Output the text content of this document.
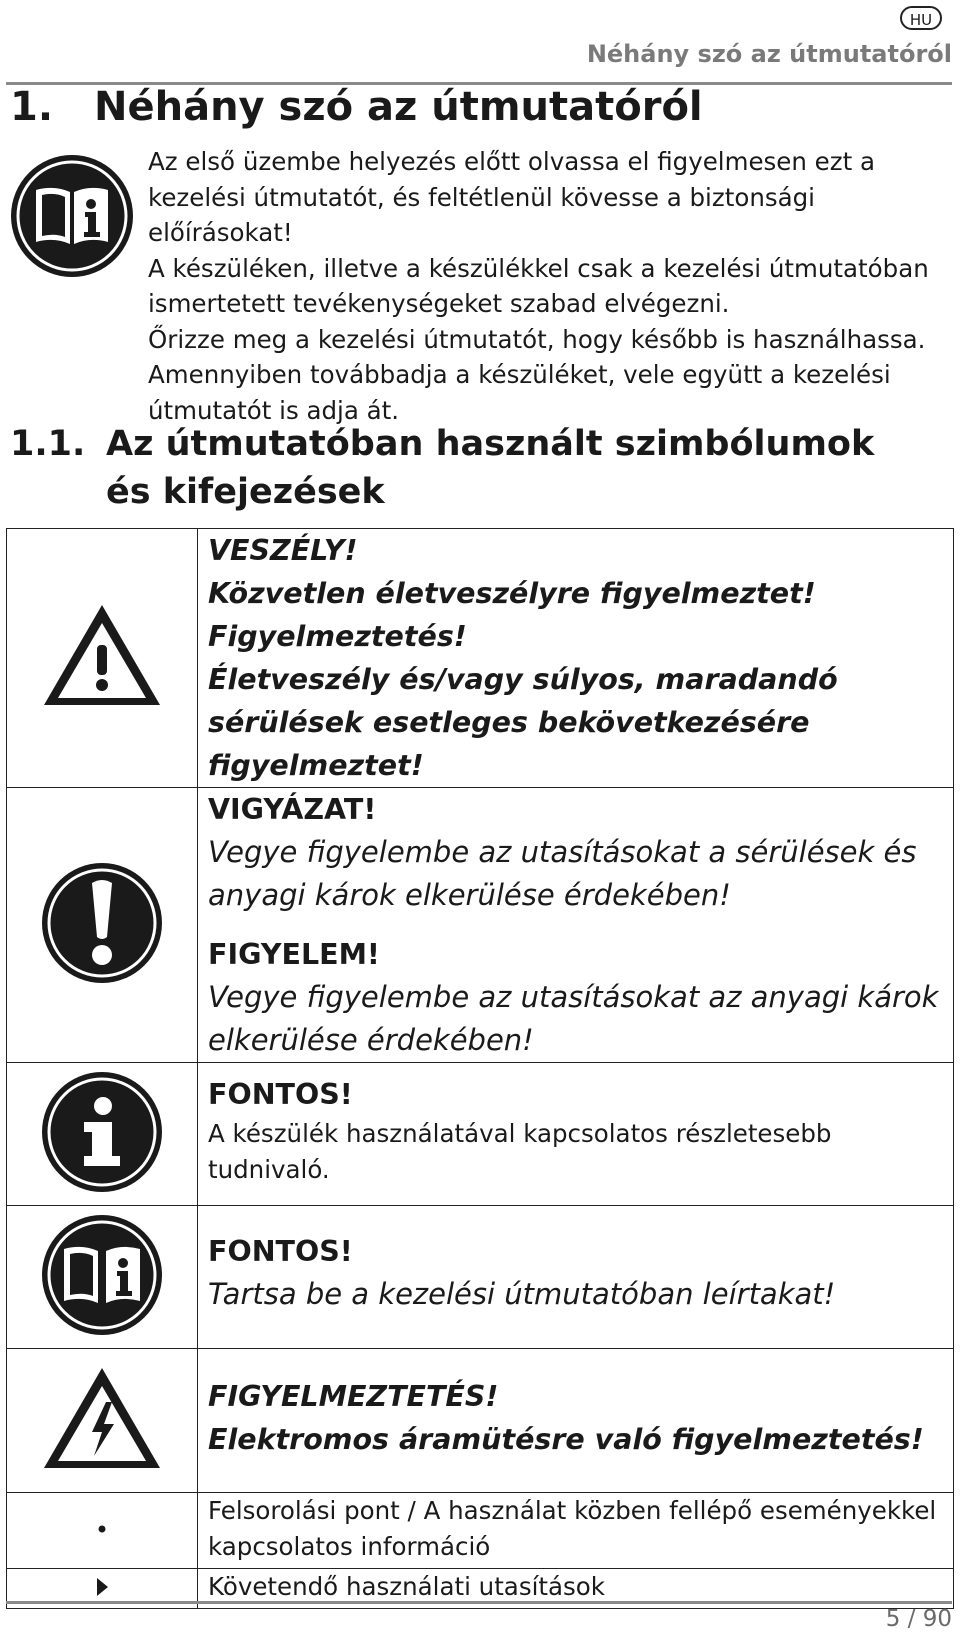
HU
Néhány szó az útmutatóról
1. Néhány szó az útmutatóról

Az első üzembe helyezés előtt olvassa el figyelmesen ezt a kezelési útmutatót, és feltétlenül kövesse a biztonsági előírásokat!

A készüléken, illetve a készülékkel csak a kezelési útmutatóban ismertetett tevékenységeket szabad elvégezni.

Őrizze meg a kezelési útmutatót, hogy később is használhassa. Amennyiben továbbadja a készüléket, vele együtt a kezelési útmutatót is adja át.

1.1. Az útmutatóban használt szimbólumok és kifejezések

VESZÉLY!
Közvetlen életveszélyre figyelmeztet!
Figyelmeztetés!
Életveszély és/vagy súlyos, maradandó sérülések esetleges bekövetkezésére figyelmeztet!

VIGYÁZAT!
Vegye figyelembe az utasításokat a sérülések és anyagi károk elkerülése érdekében!
FIGYELEM!
Vegye figyelembe az utasításokat az anyagi károk elkerülése érdekében!

FONTOS!
A készülék használatával kapcsolatos részletesebb tudnivaló.

FONTOS!
Tartsa be a kezelési útmutatóban leírtakat!

FIGYELMEZTETÉS!
Elektromos áramütésre való figyelmeztetés!

Felsorolási pont / A használat közben fellépő eseményekkel kapcsolatos információ

Követendő használati utasítások
5 / 90
